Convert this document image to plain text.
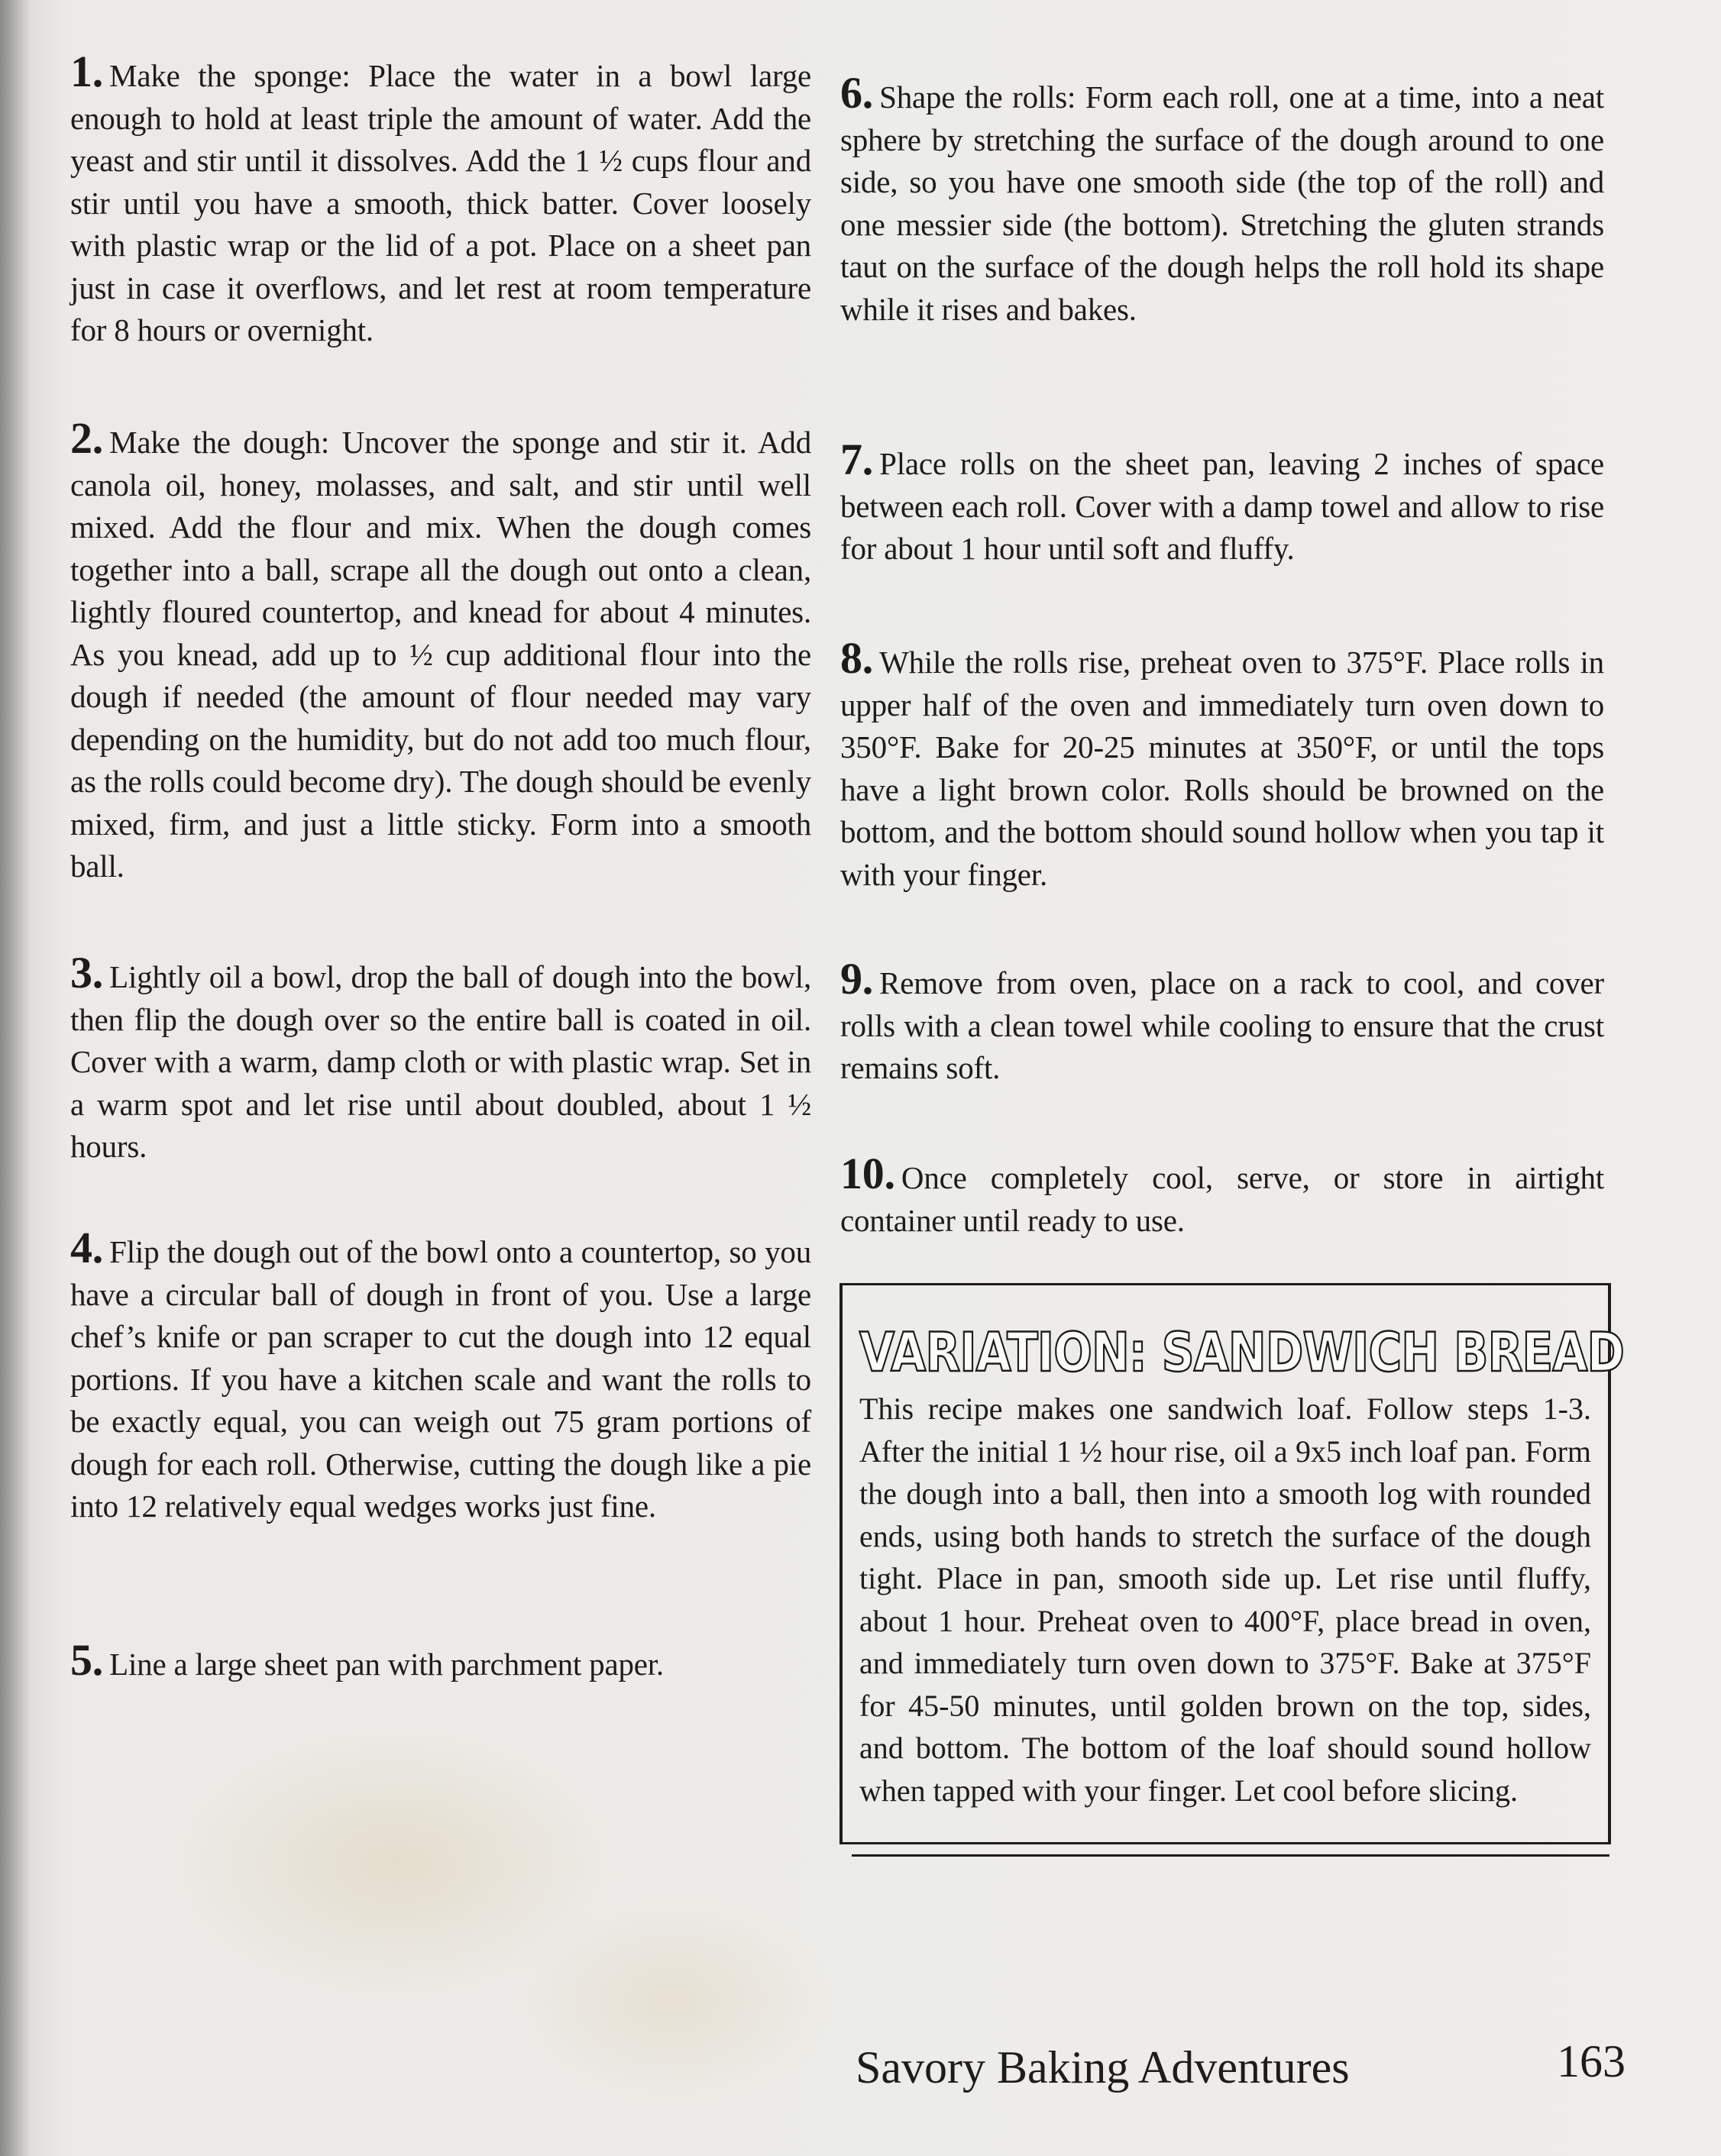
1. Make the sponge: Place the water in a bowl large enough to hold at least triple the amount of water. Add the yeast and stir until it dissolves. Add the 1 ½ cups flour and stir until you have a smooth, thick batter. Cover loosely with plastic wrap or the lid of a pot. Place on a sheet pan just in case it overflows, and let rest at room temperature for 8 hours or overnight.

2. Make the dough: Uncover the sponge and stir it. Add canola oil, honey, molasses, and salt, and stir until well mixed. Add the flour and mix. When the dough comes together into a ball, scrape all the dough out onto a clean, lightly floured countertop, and knead for about 4 minutes. As you knead, add up to ½ cup additional flour into the dough if needed (the amount of flour needed may vary depending on the humidity, but do not add too much flour, as the rolls could become dry). The dough should be evenly mixed, firm, and just a little sticky. Form into a smooth ball.

3. Lightly oil a bowl, drop the ball of dough into the bowl, then flip the dough over so the entire ball is coated in oil. Cover with a warm, damp cloth or with plastic wrap. Set in a warm spot and let rise until about doubled, about 1 ½ hours.

4. Flip the dough out of the bowl onto a countertop, so you have a circular ball of dough in front of you. Use a large chef’s knife or pan scraper to cut the dough into 12 equal portions. If you have a kitchen scale and want the rolls to be exactly equal, you can weigh out 75 gram portions of dough for each roll. Otherwise, cutting the dough like a pie into 12 relatively equal wedges works just fine.

5. Line a large sheet pan with parchment paper.

6. Shape the rolls: Form each roll, one at a time, into a neat sphere by stretching the surface of the dough around to one side, so you have one smooth side (the top of the roll) and one messier side (the bottom). Stretching the gluten strands taut on the surface of the dough helps the roll hold its shape while it rises and bakes.

7. Place rolls on the sheet pan, leaving 2 inches of space between each roll. Cover with a damp towel and allow to rise for about 1 hour until soft and fluffy.

8. While the rolls rise, preheat oven to 375°F. Place rolls in upper half of the oven and immediately turn oven down to 350°F. Bake for 20-25 minutes at 350°F, or until the tops have a light brown color. Rolls should be browned on the bottom, and the bottom should sound hollow when you tap it with your finger.

9. Remove from oven, place on a rack to cool, and cover rolls with a clean towel while cooling to ensure that the crust remains soft.

10. Once completely cool, serve, or store in airtight container until ready to use.

VARIATION: SANDWICH BREAD

This recipe makes one sandwich loaf. Follow steps 1-3. After the initial 1 ½ hour rise, oil a 9x5 inch loaf pan. Form the dough into a ball, then into a smooth log with rounded ends, using both hands to stretch the surface of the dough tight. Place in pan, smooth side up. Let rise until fluffy, about 1 hour. Preheat oven to 400°F, place bread in oven, and immediately turn oven down to 375°F. Bake at 375°F for 45-50 minutes, until golden brown on the top, sides, and bottom. The bottom of the loaf should sound hollow when tapped with your finger. Let cool before slicing.

Savory Baking Adventures	163
